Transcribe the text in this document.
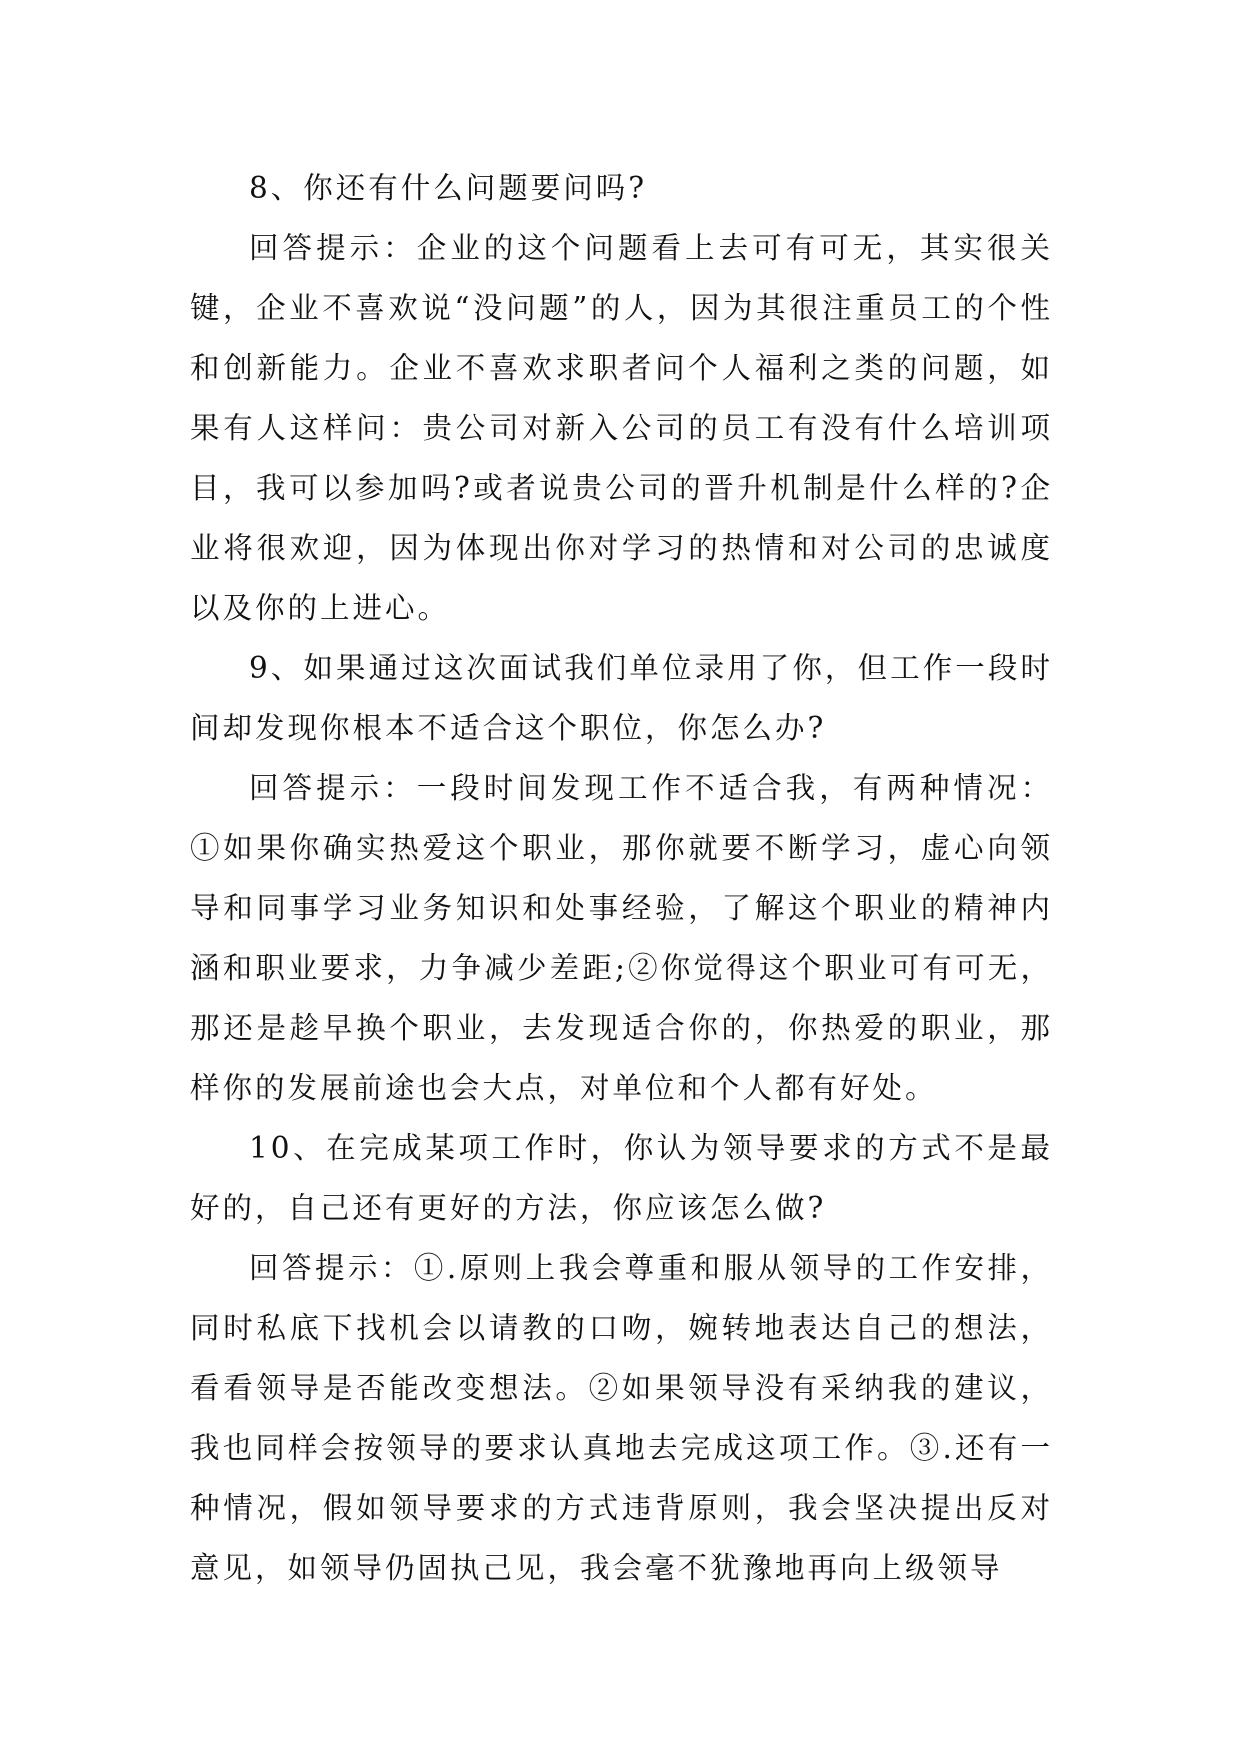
8、你还有什么问题要问吗?

回答提示：企业的这个问题看上去可有可无，其实很关键，企业不喜欢说“没问题”的人，因为其很注重员工的个性和创新能力。企业不喜欢求职者问个人福利之类的问题，如果有人这样问：贵公司对新入公司的员工有没有什么培训项目，我可以参加吗?或者说贵公司的晋升机制是什么样的?企业将很欢迎，因为体现出你对学习的热情和对公司的忠诚度以及你的上进心。

9、如果通过这次面试我们单位录用了你，但工作一段时间却发现你根本不适合这个职位，你怎么办?

回答提示：一段时间发现工作不适合我，有两种情况：①如果你确实热爱这个职业，那你就要不断学习，虚心向领导和同事学习业务知识和处事经验，了解这个职业的精神内涵和职业要求，力争减少差距;②你觉得这个职业可有可无，那还是趁早换个职业，去发现适合你的，你热爱的职业，那样你的发展前途也会大点，对单位和个人都有好处。

10、在完成某项工作时，你认为领导要求的方式不是最好的，自己还有更好的方法，你应该怎么做?

回答提示：①.原则上我会尊重和服从领导的工作安排，同时私底下找机会以请教的口吻，婉转地表达自己的想法，看看领导是否能改变想法。②如果领导没有采纳我的建议，我也同样会按领导的要求认真地去完成这项工作。③.还有一种情况，假如领导要求的方式违背原则，我会坚决提出反对意见，如领导仍固执己见，我会毫不犹豫地再向上级领导
